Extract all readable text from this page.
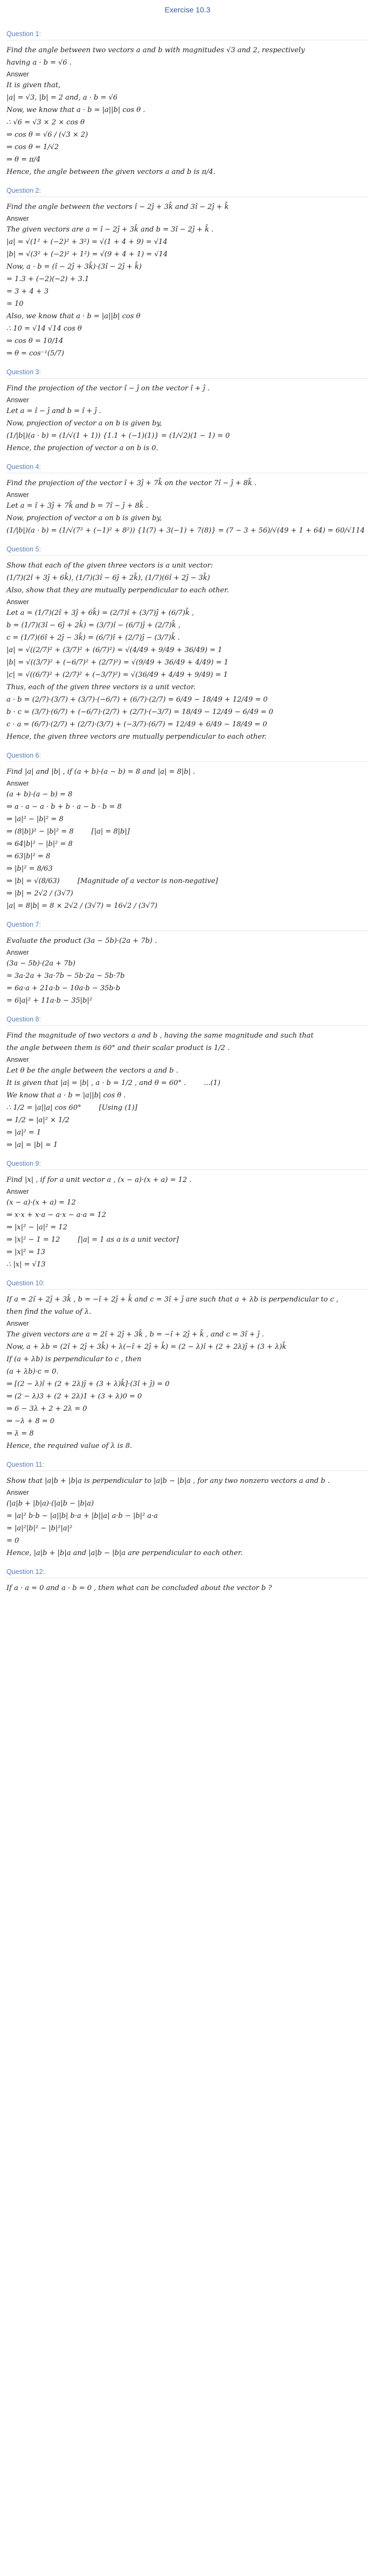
Exercise 10.3
Question 1:
Find the angle between two vectors a and b with magnitudes √3 and 2, respectively
having a · b = √6 .
Answer
It is given that,
|a| = √3, |b| = 2 and, a · b = √6
Now, we know that a · b = |a||b| cos θ .
∴ √6 = √3 × 2 × cos θ
⇒ cos θ = √6 / (√3 × 2)
⇒ cos θ = 1/√2
⇒ θ = π/4
Hence, the angle between the given vectors a and b is π/4.
Question 2:
Find the angle between the vectors î − 2ĵ + 3k̂ and 3î − 2ĵ + k̂
Answer
The given vectors are a = î − 2ĵ + 3k̂ and b = 3î − 2ĵ + k̂ .
|a| = √(1² + (−2)² + 3²) = √(1 + 4 + 9) = √14
|b| = √(3² + (−2)² + 1²) = √(9 + 4 + 1) = √14
Now, a · b = (î − 2ĵ + 3k̂)·(3î − 2ĵ + k̂)
= 1.3 + (−2)(−2) + 3.1
= 3 + 4 + 3
= 10
Also, we know that a · b = |a||b| cos θ
∴ 10 = √14 √14 cos θ
⇒ cos θ = 10/14
⇒ θ = cos⁻¹(5/7)
Question 3:
Find the projection of the vector î − ĵ on the vector î + ĵ .
Answer
Let a = î − ĵ and b = î + ĵ .
Now, projection of vector a on b is given by,
(1/|b|)(a · b) = (1/√(1 + 1)) {1.1 + (−1)(1)} = (1/√2)(1 − 1) = 0
Hence, the projection of vector a on b is 0.
Question 4:
Find the projection of the vector î + 3ĵ + 7k̂ on the vector 7î − ĵ + 8k̂ .
Answer
Let a = î + 3ĵ + 7k̂ and b = 7î − ĵ + 8k̂ .
Now, projection of vector a on b is given by,
(1/|b|)(a · b) = (1/√(7² + (−1)² + 8²)) {1(7) + 3(−1) + 7(8)} = (7 − 3 + 56)/√(49 + 1 + 64) = 60/√114
Question 5:
Show that each of the given three vectors is a unit vector:
(1/7)(2î + 3ĵ + 6k̂), (1/7)(3î − 6ĵ + 2k̂), (1/7)(6î + 2ĵ − 3k̂)
Also, show that they are mutually perpendicular to each other.
Answer
Let a = (1/7)(2î + 3ĵ + 6k̂) = (2/7)î + (3/7)ĵ + (6/7)k̂ ,
b = (1/7)(3î − 6ĵ + 2k̂) = (3/7)î − (6/7)ĵ + (2/7)k̂ ,
c = (1/7)(6î + 2ĵ − 3k̂) = (6/7)î + (2/7)ĵ − (3/7)k̂ .
|a| = √((2/7)² + (3/7)² + (6/7)²) = √(4/49 + 9/49 + 36/49) = 1
|b| = √((3/7)² + (−6/7)² + (2/7)²) = √(9/49 + 36/49 + 4/49) = 1
|c| = √((6/7)² + (2/7)² + (−3/7)²) = √(36/49 + 4/49 + 9/49) = 1
Thus, each of the given three vectors is a unit vector.
a · b = (2/7)·(3/7) + (3/7)·(−6/7) + (6/7)·(2/7) = 6/49 − 18/49 + 12/49 = 0
b · c = (3/7)·(6/7) + (−6/7)·(2/7) + (2/7)·(−3/7) = 18/49 − 12/49 − 6/49 = 0
c · a = (6/7)·(2/7) + (2/7)·(3/7) + (−3/7)·(6/7) = 12/49 + 6/49 − 18/49 = 0
Hence, the given three vectors are mutually perpendicular to each other.
Question 6:
Find |a| and |b| , if (a + b)·(a − b) = 8 and |a| = 8|b| .
Answer
(a + b)·(a − b) = 8
⇒ a · a − a · b + b · a − b · b = 8
⇒ |a|² − |b|² = 8
⇒ (8|b|)² − |b|² = 8        [|a| = 8|b|]
⇒ 64|b|² − |b|² = 8
⇒ 63|b|² = 8
⇒ |b|² = 8/63
⇒ |b| = √(8/63)        [Magnitude of a vector is non-negative]
⇒ |b| = 2√2 / (3√7)
|a| = 8|b| = 8 × 2√2 / (3√7) = 16√2 / (3√7)
Question 7:
Evaluate the product (3a − 5b)·(2a + 7b) .
Answer
(3a − 5b)·(2a + 7b)
= 3a·2a + 3a·7b − 5b·2a − 5b·7b
= 6a·a + 21a·b − 10a·b − 35b·b
= 6|a|² + 11a·b − 35|b|²
Question 8:
Find the magnitude of two vectors a and b , having the same magnitude and such that
the angle between them is 60° and their scalar product is 1/2 .
Answer
Let θ be the angle between the vectors a and b .
It is given that |a| = |b| , a · b = 1/2 , and θ = 60° .        ...(1)
We know that a · b = |a||b| cos θ .
∴ 1/2 = |a||a| cos 60°        [Using (1)]
⇒ 1/2 = |a|² × 1/2
⇒ |a|² = 1
⇒ |a| = |b| = 1
Question 9:
Find |x| , if for a unit vector a , (x − a)·(x + a) = 12 .
Answer
(x − a)·(x + a) = 12
⇒ x·x + x·a − a·x − a·a = 12
⇒ |x|² − |a|² = 12
⇒ |x|² − 1 = 12        [|a| = 1 as a is a unit vector]
⇒ |x|² = 13
∴ |x| = √13
Question 10:
If a = 2î + 2ĵ + 3k̂ , b = −î + 2ĵ + k̂ and c = 3î + ĵ are such that a + λb is perpendicular to c ,
then find the value of λ.
Answer
The given vectors are a = 2î + 2ĵ + 3k̂ , b = −î + 2ĵ + k̂ , and c = 3î + ĵ .
Now, a + λb = (2î + 2ĵ + 3k̂) + λ(−î + 2ĵ + k̂) = (2 − λ)î + (2 + 2λ)ĵ + (3 + λ)k̂
If (a + λb) is perpendicular to c , then
(a + λb)·c = 0.
⇒ [(2 − λ)î + (2 + 2λ)ĵ + (3 + λ)k̂]·(3î + ĵ) = 0
⇒ (2 − λ)3 + (2 + 2λ)1 + (3 + λ)0 = 0
⇒ 6 − 3λ + 2 + 2λ = 0
⇒ −λ + 8 = 0
⇒ λ = 8
Hence, the required value of λ is 8.
Question 11:
Show that |a|b + |b|a is perpendicular to |a|b − |b|a , for any two nonzero vectors a and b .
Answer
(|a|b + |b|a)·(|a|b − |b|a)
= |a|² b·b − |a||b| b·a + |b||a| a·b − |b|² a·a
= |a|²|b|² − |b|²|a|²
= 0
Hence, |a|b + |b|a and |a|b − |b|a are perpendicular to each other.
Question 12:
If a · a = 0 and a · b = 0 , then what can be concluded about the vector b ?
